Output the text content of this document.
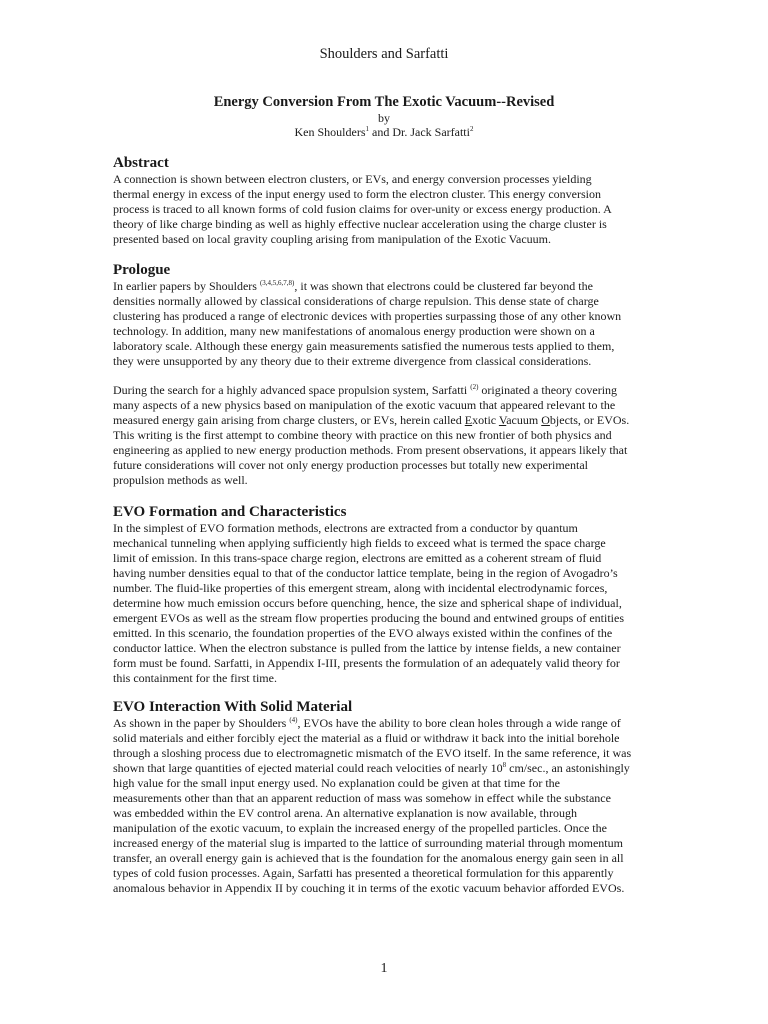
Shoulders and Sarfatti
Energy Conversion From The Exotic Vacuum--Revised
by
Ken Shoulders$^1$ and Dr. Jack Sarfatti$^2$
Abstract
A connection is shown between electron clusters, or EVs, and energy conversion processes yielding
thermal energy in excess of the input energy used to form the electron cluster. This energy conversion
process is traced to all known forms of cold fusion claims for over-unity or excess energy production. A
theory of like charge binding as well as highly effective nuclear acceleration using the charge cluster is
presented based on local gravity coupling arising from manipulation of the Exotic Vacuum.
Prologue
In earlier papers by Shoulders $^{(3,4,5,6,7,8)}$, it was shown that electrons could be clustered far beyond the
densities normally allowed by classical considerations of charge repulsion. This dense state of charge
clustering has produced a range of electronic devices with properties surpassing those of any other known
technology. In addition, many new manifestations of anomalous energy production were shown on a
laboratory scale. Although these energy gain measurements satisfied the numerous tests applied to them,
they were unsupported by any theory due to their extreme divergence from classical considerations.
During the search for a highly advanced space propulsion system, Sarfatti $^{(2)}$ originated a theory covering
many aspects of a new physics based on manipulation of the exotic vacuum that appeared relevant to the
measured energy gain arising from charge clusters, or EVs, herein called Exotic Vacuum Objects, or EVOs.
This writing is the first attempt to combine theory with practice on this new frontier of both physics and
engineering as applied to new energy production methods. From present observations, it appears likely that
future considerations will cover not only energy production processes but totally new experimental
propulsion methods as well.
EVO Formation and Characteristics
In the simplest of EVO formation methods, electrons are extracted from a conductor by quantum
mechanical tunneling when applying sufficiently high fields to exceed what is termed the space charge
limit of emission. In this trans-space charge region, electrons are emitted as a coherent stream of fluid
having number densities equal to that of the conductor lattice template, being in the region of Avogadro’s
number. The fluid-like properties of this emergent stream, along with incidental electrodynamic forces,
determine how much emission occurs before quenching, hence, the size and spherical shape of individual,
emergent EVOs as well as the stream flow properties producing the bound and entwined groups of entities
emitted. In this scenario, the foundation properties of the EVO always existed within the confines of the
conductor lattice. When the electron substance is pulled from the lattice by intense fields, a new container
form must be found. Sarfatti, in Appendix I-III, presents the formulation of an adequately valid theory for
this containment for the first time.
EVO Interaction With Solid Material
As shown in the paper by Shoulders $^{(4)}$, EVOs have the ability to bore clean holes through a wide range of
solid materials and either forcibly eject the material as a fluid or withdraw it back into the initial borehole
through a sloshing process due to electromagnetic mismatch of the EVO itself. In the same reference, it was
shown that large quantities of ejected material could reach velocities of nearly $10^8$ cm/sec., an astonishingly
high value for the small input energy used. No explanation could be given at that time for the
measurements other than that an apparent reduction of mass was somehow in effect while the substance
was embedded within the EV control arena. An alternative explanation is now available, through
manipulation of the exotic vacuum, to explain the increased energy of the propelled particles. Once the
increased energy of the material slug is imparted to the lattice of surrounding material through momentum
transfer, an overall energy gain is achieved that is the foundation for the anomalous energy gain seen in all
types of cold fusion processes. Again, Sarfatti has presented a theoretical formulation for this apparently
anomalous behavior in Appendix II by couching it in terms of the exotic vacuum behavior afforded EVOs.
1
